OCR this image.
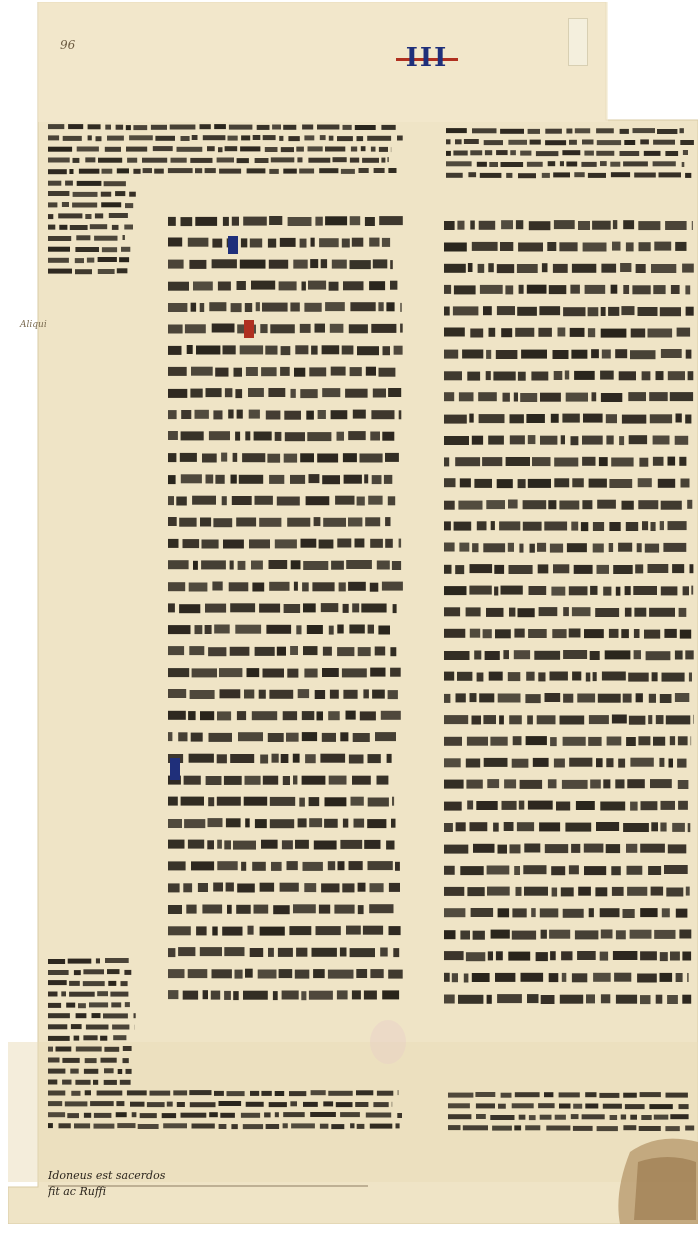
96	III
Aliqui
Idoneus est sacerdos
fit ac Ruffi
